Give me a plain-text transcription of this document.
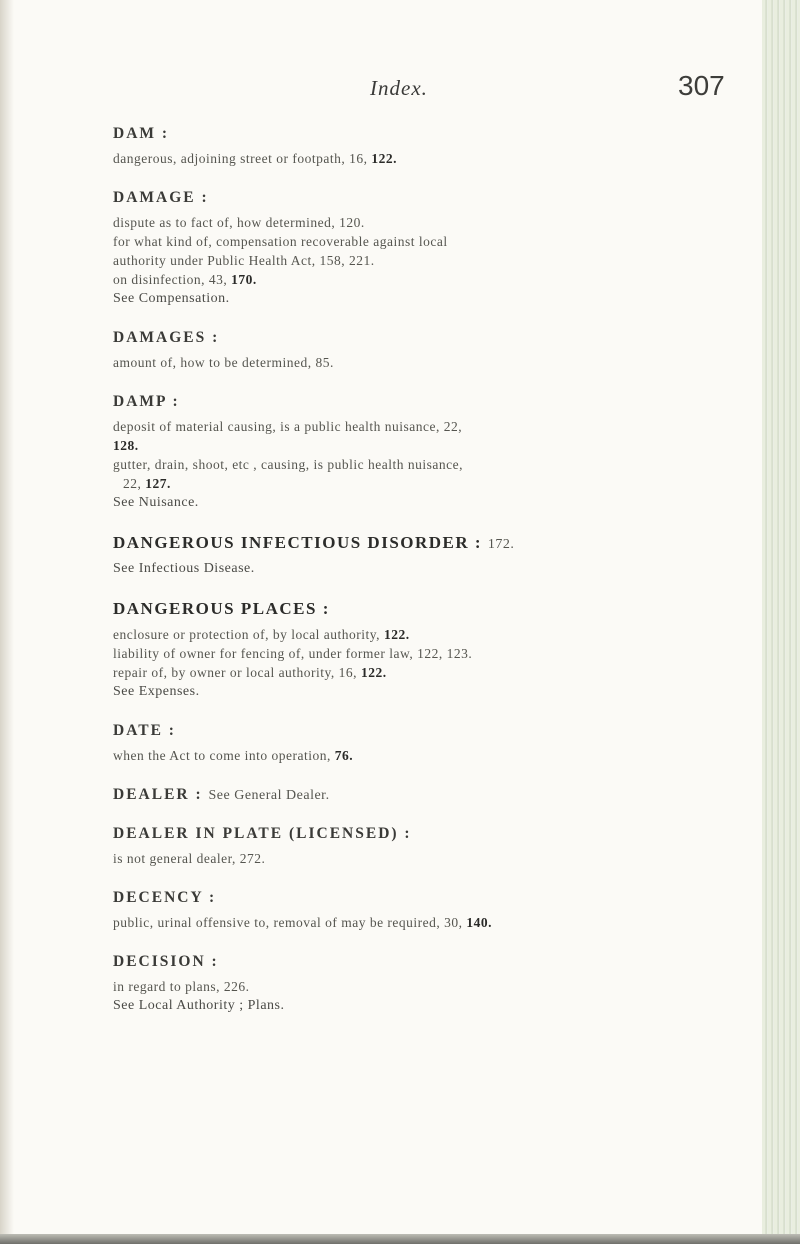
Index.	307
DAM :
dangerous, adjoining street or footpath, 16, 122.
DAMAGE :
dispute as to fact of, how determined, 120.
for what kind of, compensation recoverable against local
authority under Public Health Act, 158, 221.
on disinfection, 43, 170.
See Compensation.
DAMAGES :
amount of, how to be determined, 85.
DAMP :
deposit of material causing, is a public health nuisance, 22,
128.
gutter, drain, shoot, etc , causing, is public health nuisance,
22, 127.
See Nuisance.
DANGEROUS INFECTIOUS DISORDER : 172.
See Infectious Disease.
DANGEROUS PLACES :
enclosure or protection of, by local authority, 122.
liability of owner for fencing of, under former law, 122, 123.
repair of, by owner or local authority, 16, 122.
See Expenses.
DATE :
when the Act to come into operation, 76.
DEALER : See General Dealer.
DEALER IN PLATE (LICENSED) :
is not general dealer, 272.
DECENCY :
public, urinal offensive to, removal of may be required, 30, 140.
DECISION :
in regard to plans, 226.
See Local Authority ; Plans.
